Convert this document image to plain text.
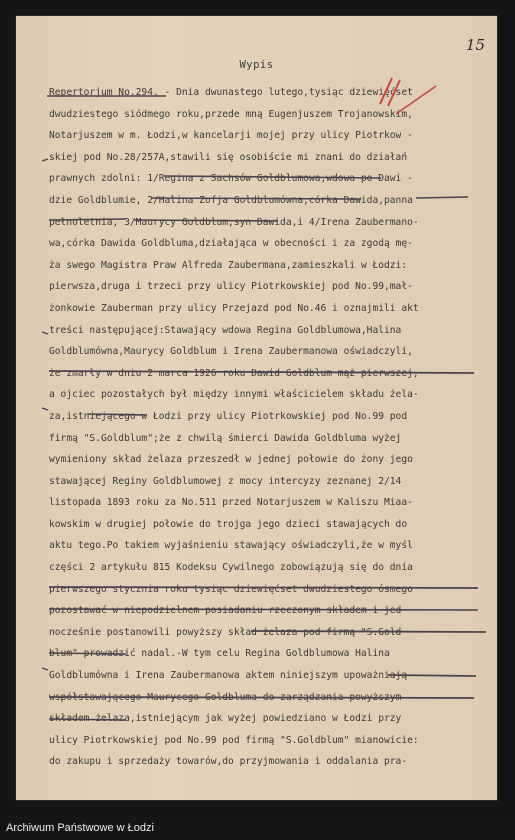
15
Wypis
Repertorjum No.294. - Dnia dwunastego lutego,tysiąc dziewięćset
dwudziestego siódmego roku,przede mną Eugenjuszem Trojanowskim,
Notarjuszem w m. Łodzi,w kancelarji mojej przy ulicy Piotrkow -
skiej pod No.28/257A,stawili się osobiście mi znani do działań
prawnych zdolni: 1/Regina z Sachsów Goldblumowa,wdowa po Dawi -
dzie Goldblumie, 2/Halina Zofja Goldblumówna,córka Dawida,panna
pełnoletnia, 3/Maurycy Goldblum,syn Dawida,i 4/Irena Zaubermano-
wa,córka Dawida Goldbluma,działająca w obecności i za zgodą mę-
ża swego Magistra Praw Alfreda Zaubermana,zamieszkali w Łodzi:
pierwsza,druga i trzeci przy ulicy Piotrkowskiej pod No.99,mał-
żonkowie Zauberman przy ulicy Przejazd pod No.46 i oznajmili akt
treści następującej:Stawający wdowa Regina Goldblumowa,Halina
Goldblumówna,Maurycy Goldblum i Irena Zaubermanowa oświadczyli,
że zmarły w dniu 2 marca 1926 roku Dawid Goldblum mąż pierwszej,
a ojciec pozostałych był między innymi właścicielem składu żela-
za,istniejącego w Łodzi przy ulicy Piotrkowskiej pod No.99 pod
firmą "S.Goldblum";że z chwilą śmierci Dawida Goldbluma wyżej
wymieniony skład żelaza przeszedł w jednej połowie do żony jego
stawającej Reginy Goldblumowej z mocy intercyzy zeznanej 2/14
listopada 1893 roku za No.511 przed Notarjuszem w Kaliszu Miaa-
kowskim w drugiej połowie do trojga jego dzieci stawających do
aktu tego.Po takiem wyjaśnieniu stawający oświadczyli,że w myśl
części 2 artykułu 815 Kodeksu Cywilnego zobowiązują się do dnia
pierwszego stycznia roku tysiąc dziewięćset dwudziestego ósmego
pozostawać w niepodzielnem posiadaniu rzeczonym składem i jed-
nocześnie postanowili powyższy skład żelaza pod firmą "S.Gold-
blum" prowadzić nadal.-W tym celu Regina Goldblumowa Halina
Goldblumówna i Irena Zaubermanowa aktem niniejszym upoważniają
współstawającego Maurycego Goldbluma do zarządzania powyższym
składem żelaza,istniejącym jak wyżej powiedziano w Łodzi przy
ulicy Piotrkowskiej pod No.99 pod firmą "S.Goldblum" mianowicie:
do zakupu i sprzedaży towarów,do przyjmowania i oddalania pra-
Archiwum Państwowe w Łodzi
